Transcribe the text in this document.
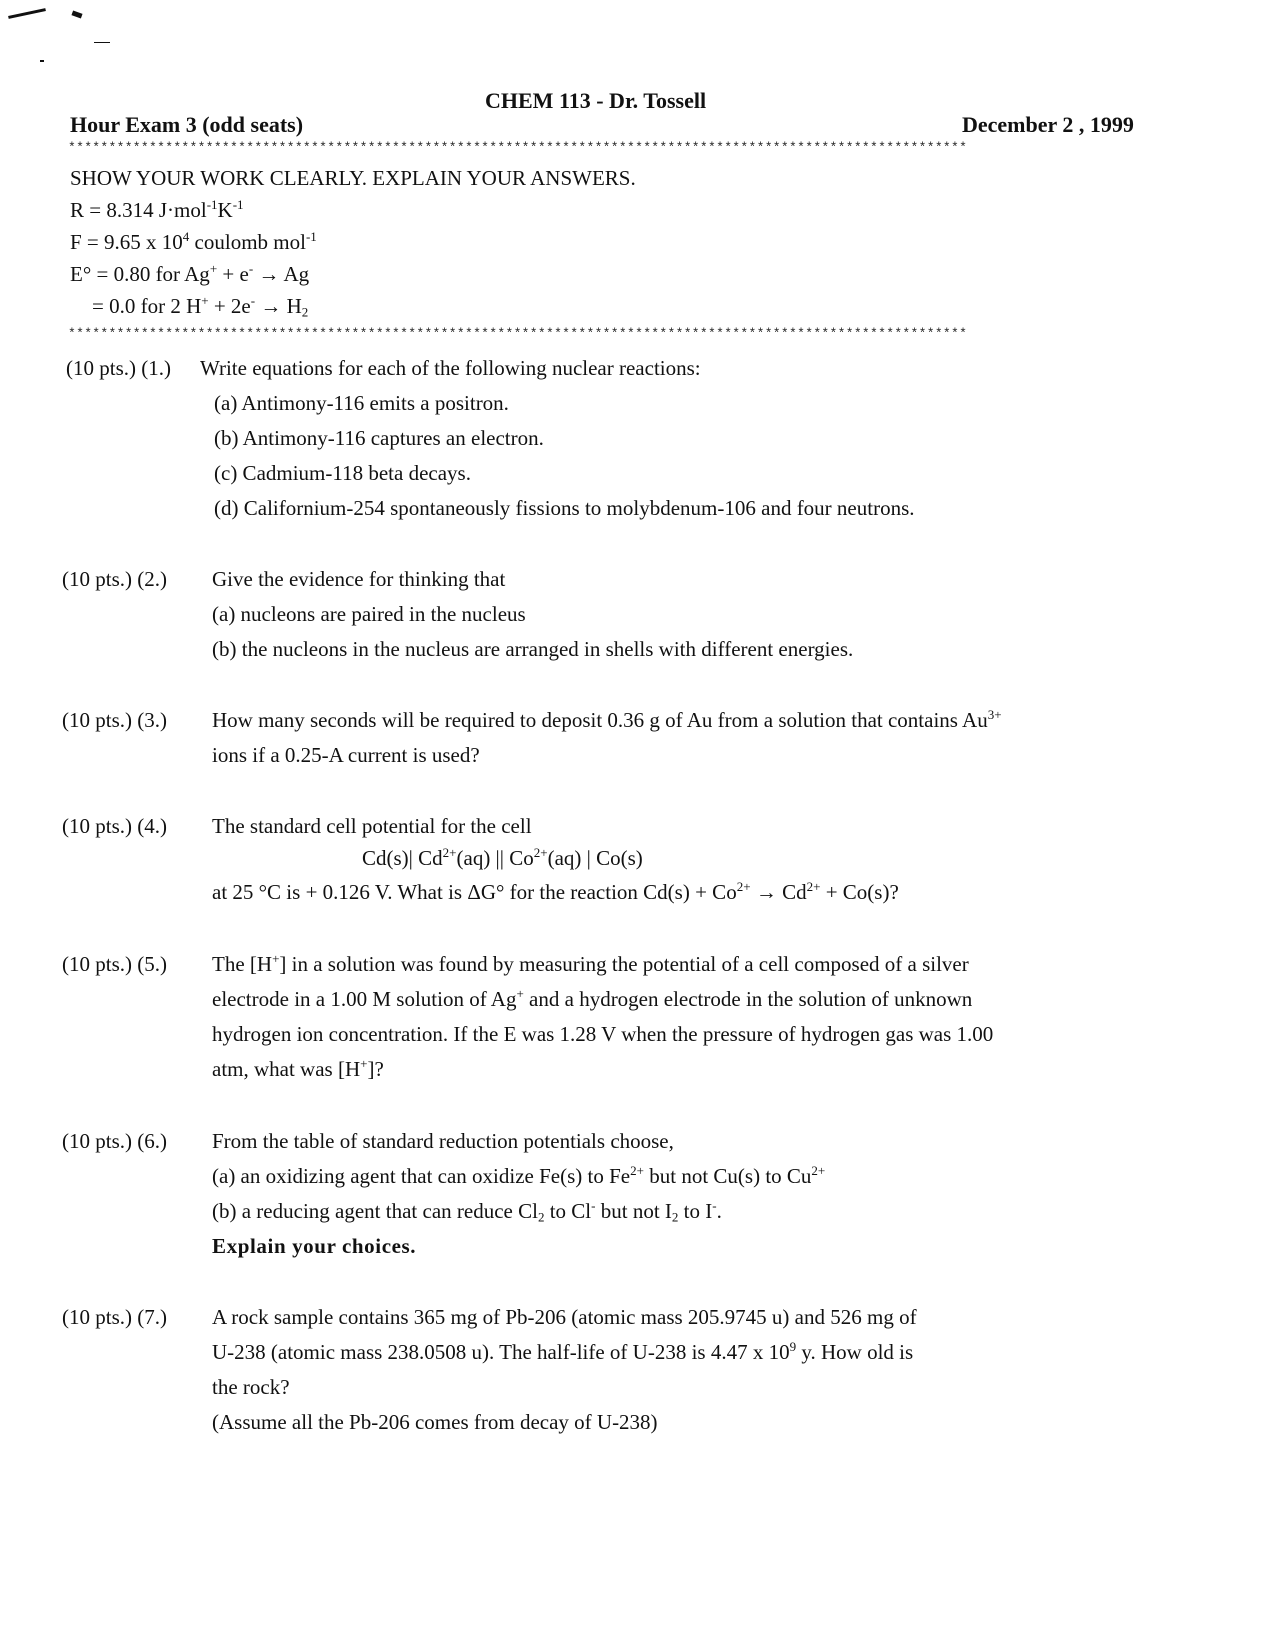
CHEM 113 - Dr. Tossell
Hour Exam 3 (odd seats)	December 2 , 1999
***************************************************************************************************************
SHOW YOUR WORK CLEARLY. EXPLAIN YOUR ANSWERS.
R = 8.314 $J\cdot mol^{-1}K^{-1}$
F = 9.65 x $10^4$ coulomb mol$^{-1}$
E° = 0.80 for Ag+ + e- → Ag
= 0.0 for 2 $H^+ + 2e^- \to H_2$
***************************************************************************************************************
(10 pts.) (1.) Write equations for each of the following nuclear reactions:
(a) Antimony-116 emits a positron.
(b) Antimony-116 captures an electron.
(c) Cadmium-118 beta decays.
(d) Californium-254 spontaneously fissions to molybdenum-106 and four neutrons.
(10 pts.) (2.) Give the evidence for thinking that
(a) nucleons are paired in the nucleus
(b) the nucleons in the nucleus are arranged in shells with different energies.
(10 pts.) (3.) How many seconds will be required to deposit 0.36 g of Au from a solution that contains $Au^{3+}$
ions if a 0.25-A current is used?
(10 pts.) (4.) The standard cell potential for the cell
Cd(s)| $Cd^{2+}(aq)$ || $Co^{2+}(aq)$ | Co(s)
at 25 °C is + 0.126 V. What is ΔG° for the reaction $Cd(s) + Co^{2+} \to Cd^{2+} + Co(s)$?
(10 pts.) (5.) The [H+] in a solution was found by measuring the potential of a cell composed of a silver
electrode in a 1.00 M solution of Ag+ and a hydrogen electrode in the solution of unknown
hydrogen ion concentration. If the E was 1.28 V when the pressure of hydrogen gas was 1.00
atm, what was [H+]?
(10 pts.) (6.) From the table of standard reduction potentials choose,
(a) an oxidizing agent that can oxidize Fe(s) to $Fe^{2+}$ but not Cu(s) to $Cu^{2+}$
(b) a reducing agent that can reduce $Cl_2$ to Cl- but not $I_2$ to I-.
Explain your choices.
(10 pts.) (7.) A rock sample contains 365 mg of Pb-206 (atomic mass 205.9745 u) and 526 mg of
U-238 (atomic mass 238.0508 u). The half-life of U-238 is 4.47 x $10^9$ y. How old is
the rock?
(Assume all the Pb-206 comes from decay of U-238)
